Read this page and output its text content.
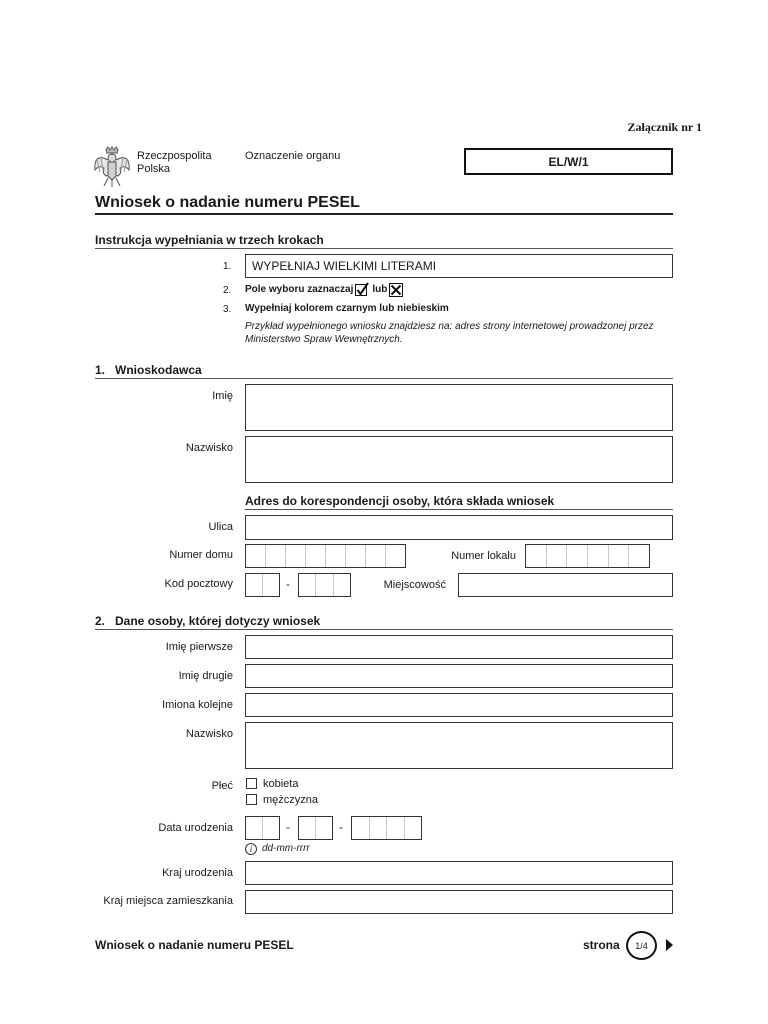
Załącznik nr 1
Rzeczpospolita
Polska
Oznaczenie organu	EL/W/1
Wniosek o nadanie numeru PESEL
Instrukcja wypełniania w trzech krokach
1.	WYPEŁNIAJ WIELKIMI LITERAMI
2. Pole wyboru zaznaczaj lub
3. Wypełniaj kolorem czarnym lub niebieskim
Przykład wypełnionego wniosku znajdziesz na: adres strony internetowej prowadzonej przez Ministerstwo Spraw Wewnętrznych.
1.   Wnioskodawca
Imię
Nazwisko
Adres do korespondencji osoby, która składa wniosek
Ulica
Numer domu	Numer lokalu
Kod pocztowy	-	Miejscowość
2.   Dane osoby, której dotyczy wniosek
Imię pierwsze
Imię drugie
Imiona kolejne
Nazwisko
Płeć	kobieta
mężczyzna
Data urodzenia	-	-
i dd-mm-rrrr
Kraj urodzenia
Kraj miejsca zamieszkania
Wniosek o nadanie numeru PESEL	strona 1/4
